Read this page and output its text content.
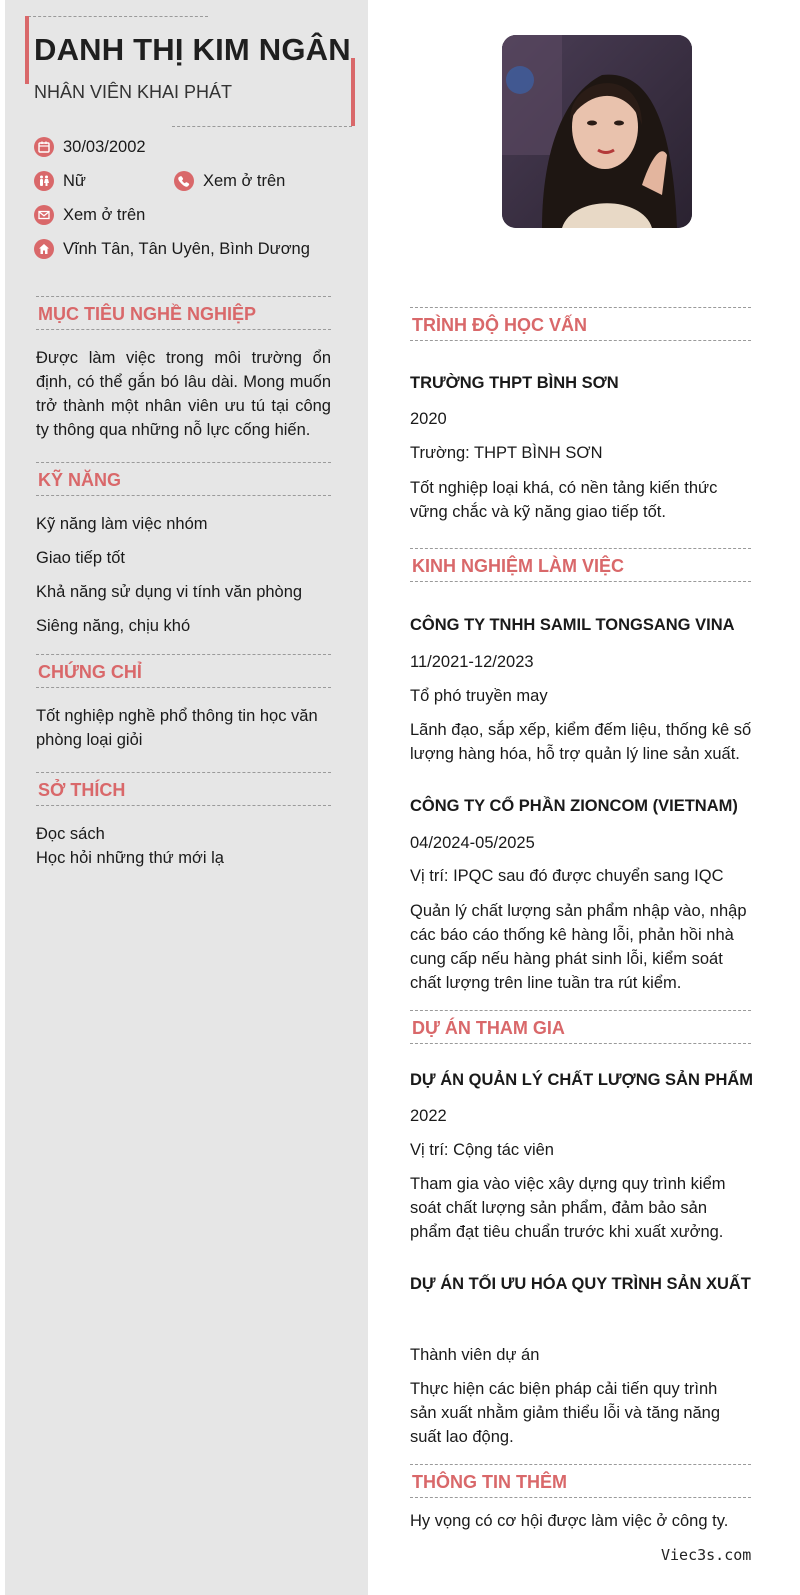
DANH THỊ KIM NGÂN
NHÂN VIÊN KHAI PHÁT
30/03/2002
Nữ	Xem ở trên
Xem ở trên
Vĩnh Tân, Tân Uyên, Bình Dương
MỤC TIÊU NGHỀ NGHIỆP
Được làm việc trong môi trường ổn định, có thể gắn bó lâu dài. Mong muốn trở thành một nhân viên ưu tú tại công ty thông qua những nỗ lực cống hiến.
KỸ NĂNG
Kỹ năng làm việc nhóm
Giao tiếp tốt
Khả năng sử dụng vi tính văn phòng
Siêng năng, chịu khó
CHỨNG CHỈ
Tốt nghiệp nghề phổ thông tin học văn phòng loại giỏi
SỞ THÍCH
Đọc sách
Học hỏi những thứ mới lạ
TRÌNH ĐỘ HỌC VẤN
TRƯỜNG THPT BÌNH SƠN
2020
Trường: THPT BÌNH SƠN
Tốt nghiệp loại khá, có nền tảng kiến thức vững chắc và kỹ năng giao tiếp tốt.
KINH NGHIỆM LÀM VIỆC
CÔNG TY TNHH SAMIL TONGSANG VINA
11/2021-12/2023
Tổ phó truyền may
Lãnh đạo, sắp xếp, kiểm đếm liệu, thống kê số lượng hàng hóa, hỗ trợ quản lý line sản xuất.
CÔNG TY CỔ PHẦN ZIONCOM (VIETNAM)
04/2024-05/2025
Vị trí: IPQC sau đó được chuyển sang IQC
Quản lý chất lượng sản phẩm nhập vào, nhập các báo cáo thống kê hàng lỗi, phản hồi nhà cung cấp nếu hàng phát sinh lỗi, kiểm soát chất lượng trên line tuần tra rút kiểm.
DỰ ÁN THAM GIA
DỰ ÁN QUẢN LÝ CHẤT LƯỢNG SẢN PHẨM
2022
Vị trí: Cộng tác viên
Tham gia vào việc xây dựng quy trình kiểm soát chất lượng sản phẩm, đảm bảo sản phẩm đạt tiêu chuẩn trước khi xuất xưởng.
DỰ ÁN TỐI ƯU HÓA QUY TRÌNH SẢN XUẤT
Thành viên dự án
Thực hiện các biện pháp cải tiến quy trình sản xuất nhằm giảm thiểu lỗi và tăng năng suất lao động.
THÔNG TIN THÊM
Hy vọng có cơ hội được làm việc ở công ty.
Viec3s.com
